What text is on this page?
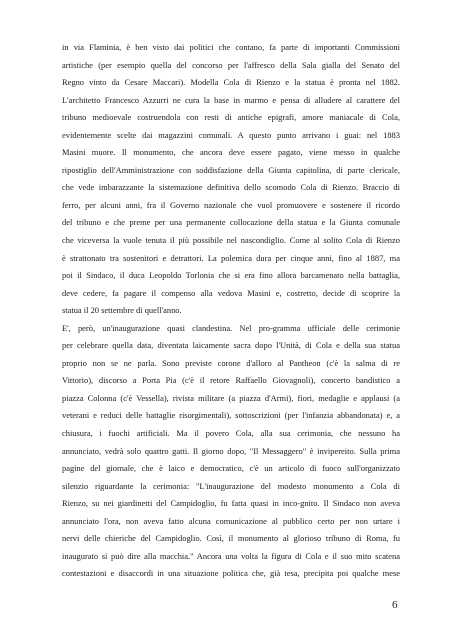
in via Flaminia, è ben visto dai politici che contano, fa parte di importanti Commissioni
artistiche (per esempio quella del concorso per l'affresco della Sala gialla del Senato del
Regno vinto da Cesare Maccari). Modella Cola di Rienzo e la statua è pronta nel 1882.
L'architetto Francesco Azzurri ne cura la base in marmo e pensa di alludere al carattere del
tribuno medioevale costruendola con resti di antiche epigrafi, amore maniacale di Cola,
evidentemente scelte dai magazzini comunali. A questo punto arrivano i guai: nel 1883
Masini muore. Il monumento, che ancora deve essere pagato, viene messo in qualche
ripostiglio dell'Amministrazione con soddisfazione della Giunta capitolina, di parte clericale,
che vede imbarazzante la sistemazione definitiva dello scomodo Cola di Rienzo. Braccio di
ferro, per alcuni anni, fra il Governo nazionale che vuol promuovere e sostenere il ricordo
del tribuno e che preme per una permanente collocazione della statua e la Giunta comunale
che viceversa la vuole tenuta il più possibile nel nascondiglio. Come al solito Cola di Rienzo
è strattonato tra sostenitori e detrattori. La polemica dura per cinque anni, fino al 1887, ma
poi il Sindaco, il duca Leopoldo Torlonia che si era fino allora barcamenato nella battaglia,
deve cedere, fa pagare il compenso alla vedova Masini e, costretto, decide di scoprire la
statua il 20 settembre di quell'anno.
E', però, un'inaugurazione quasi clandestina. Nel pro-gramma ufficiale delle cerimonie
per celebrare quella data, diventata laicamente sacra dopo l'Unità, di Cola e della sua statua
proprio non se ne parla. Sono previste corone d'alloro al Pantheon (c'è la salma di re
Vittorio), discorso a Porta Pia (c'è il retore Raffaello Giovagnoli), concerto bandistico a
piazza Colonna (c'è Vessella), rivista militare (a piazza d'Armi), fiori, medaglie e applausi (a
veterani e reduci delle battaglie risorgimentali), sottoscrizioni (per l'infanzia abbandonata) e, a
chiusura, i fuochi artificiali. Ma il povero Cola, alla sua cerimonia, che nessuno ha
annunciato, vedrà solo quattro gatti. Il giorno dopo, "Il Messaggero" è invipereito. Sulla prima
pagine del giornale, che è laico e democratico, c'è un articolo di fuoco sull'organizzato
silenzio riguardante la cerimonia: "L'inaugurazione del modesto monumento a Cola di
Rienzo, su nei giardinetti del Campidoglio, fu fatta quasi in inco-gnito. Il Sindaco non aveva
annunciato l'ora, non aveva fatto alcuna comunicazione al pubblico certo per non urtare i
nervi delle chieriche del Campidoglio. Così, il monumento al glorioso tribuno di Roma, fu
inaugurato si può dire alla macchia." Ancora una volta la figura di Cola e il suo mito scatena
contestazioni e disaccordi in una situazione politica che, già tesa, precipita poi qualche mese
6
